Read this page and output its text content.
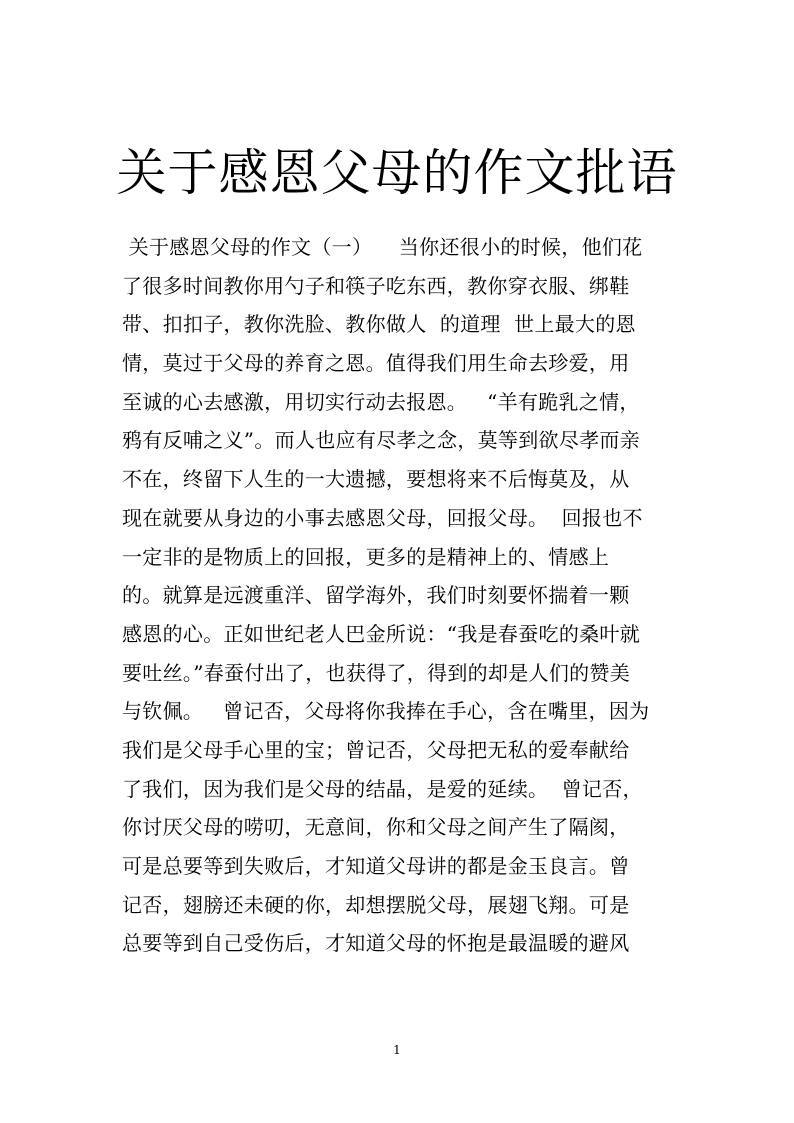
关于感恩父母的作文批语
关于感恩父母的作文（一）    当你还很小的时候，他们花
了很多时间教你用勺子和筷子吃东西，教你穿衣服、绑鞋
带、扣扣子，教你洗脸、教你做人  的道理  世上最大的恩
情，莫过于父母的养育之恩。值得我们用生命去珍爱，用
至诚的心去感激，用切实行动去报恩。   “羊有跪乳之情，
鸦有反哺之义”。而人也应有尽孝之念，莫等到欲尽孝而亲
不在，终留下人生的一大遗撼，要想将来不后悔莫及，从
现在就要从身边的小事去感恩父母，回报父母。  回报也不
一定非的是物质上的回报，更多的是精神上的、情感上
的。就算是远渡重洋、留学海外，我们时刻要怀揣着一颗
感恩的心。正如世纪老人巴金所说：“我是春蚕吃的桑叶就
要吐丝。”春蚕付出了，也获得了，得到的却是人们的赞美
与钦佩。   曾记否，父母将你我捧在手心，含在嘴里，因为
我们是父母手心里的宝；曾记否，父母把无私的爱奉献给
了我们，因为我们是父母的结晶，是爱的延续。  曾记否，
你讨厌父母的唠叨，无意间，你和父母之间产生了隔阂，
可是总要等到失败后，才知道父母讲的都是金玉良言。曾
记否，翅膀还未硬的你，却想摆脱父母，展翅飞翔。可是
总要等到自己受伤后，才知道父母的怀抱是最温暖的避风
1
